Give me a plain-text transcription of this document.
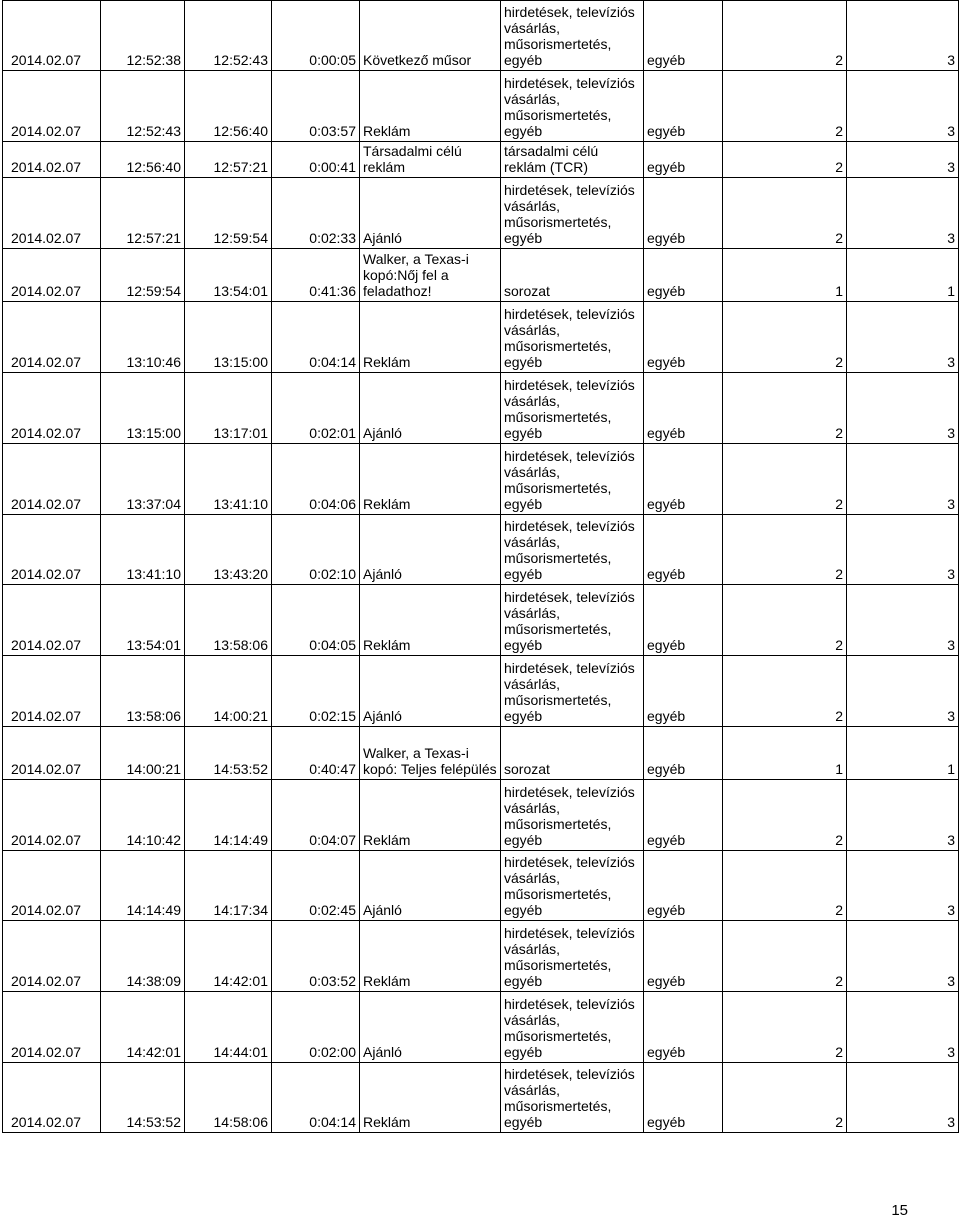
2014.02.07	12:52:38	12:52:43	0:00:05	Következő műsor	hirdetések, televíziós vásárlás, műsorismertetés, egyéb	egyéb	2	3
2014.02.07	12:52:43	12:56:40	0:03:57	Reklám	hirdetések, televíziós vásárlás, műsorismertetés, egyéb	egyéb	2	3
2014.02.07	12:56:40	12:57:21	0:00:41	Társadalmi célú reklám	társadalmi célú reklám (TCR)	egyéb	2	3
2014.02.07	12:57:21	12:59:54	0:02:33	Ajánló	hirdetések, televíziós vásárlás, műsorismertetés, egyéb	egyéb	2	3
2014.02.07	12:59:54	13:54:01	0:41:36	Walker, a Texas-i kopó:Nőj fel a feladathoz!	sorozat	egyéb	1	1
2014.02.07	13:10:46	13:15:00	0:04:14	Reklám	hirdetések, televíziós vásárlás, műsorismertetés, egyéb	egyéb	2	3
2014.02.07	13:15:00	13:17:01	0:02:01	Ajánló	hirdetések, televíziós vásárlás, műsorismertetés, egyéb	egyéb	2	3
2014.02.07	13:37:04	13:41:10	0:04:06	Reklám	hirdetések, televíziós vásárlás, műsorismertetés, egyéb	egyéb	2	3
2014.02.07	13:41:10	13:43:20	0:02:10	Ajánló	hirdetések, televíziós vásárlás, műsorismertetés, egyéb	egyéb	2	3
2014.02.07	13:54:01	13:58:06	0:04:05	Reklám	hirdetések, televíziós vásárlás, műsorismertetés, egyéb	egyéb	2	3
2014.02.07	13:58:06	14:00:21	0:02:15	Ajánló	hirdetések, televíziós vásárlás, műsorismertetés, egyéb	egyéb	2	3
2014.02.07	14:00:21	14:53:52	0:40:47	Walker, a Texas-i kopó: Teljes felépülés	sorozat	egyéb	1	1
2014.02.07	14:10:42	14:14:49	0:04:07	Reklám	hirdetések, televíziós vásárlás, műsorismertetés, egyéb	egyéb	2	3
2014.02.07	14:14:49	14:17:34	0:02:45	Ajánló	hirdetések, televíziós vásárlás, műsorismertetés, egyéb	egyéb	2	3
2014.02.07	14:38:09	14:42:01	0:03:52	Reklám	hirdetések, televíziós vásárlás, műsorismertetés, egyéb	egyéb	2	3
2014.02.07	14:42:01	14:44:01	0:02:00	Ajánló	hirdetések, televíziós vásárlás, műsorismertetés, egyéb	egyéb	2	3
2014.02.07	14:53:52	14:58:06	0:04:14	Reklám	hirdetések, televíziós vásárlás, műsorismertetés, egyéb	egyéb	2	3
15
